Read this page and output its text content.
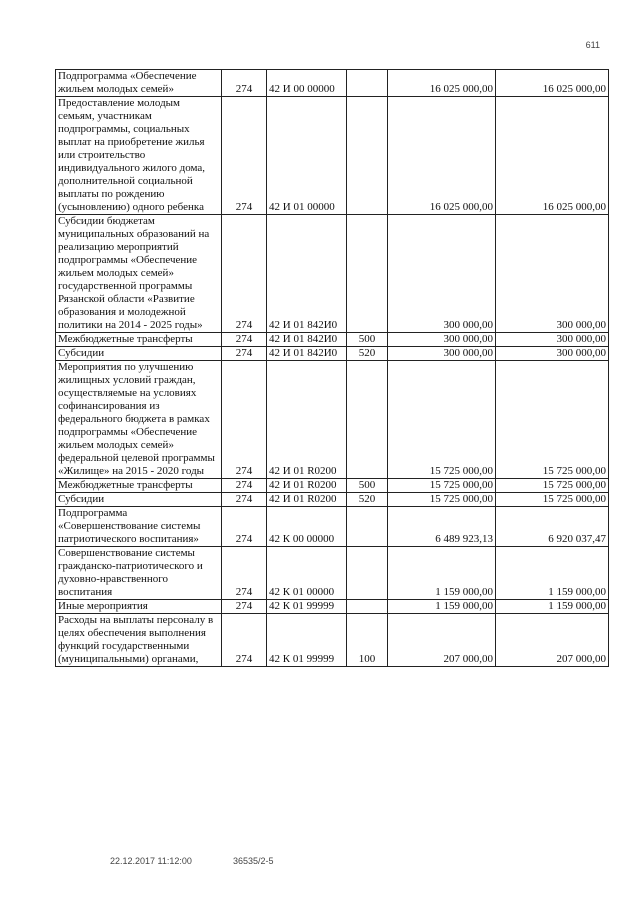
611
Подпрограмма «Обеспечение жильем молодых семей»	274	42 И 00 00000		16 025 000,00	16 025 000,00
Предоставление молодым семьям, участникам подпрограммы, социальных выплат на приобретение жилья или строительство индивидуального жилого дома, дополнительной социальной выплаты по рождению (усыновлению) одного ребенка	274	42 И 01 00000		16 025 000,00	16 025 000,00
Субсидии бюджетам муниципальных образований на реализацию мероприятий подпрограммы «Обеспечение жильем молодых семей» государственной программы Рязанской области «Развитие образования и молодежной политики на 2014 - 2025 годы»	274	42 И 01 842И0		300 000,00	300 000,00
Межбюджетные трансферты	274	42 И 01 842И0	500	300 000,00	300 000,00
Субсидии	274	42 И 01 842И0	520	300 000,00	300 000,00
Мероприятия по улучшению жилищных условий граждан, осуществляемые на условиях софинансирования из федерального бюджета в рамках подпрограммы «Обеспечение жильем молодых семей» федеральной целевой программы «Жилище» на 2015 - 2020 годы	274	42 И 01 R0200		15 725 000,00	15 725 000,00
Межбюджетные трансферты	274	42 И 01 R0200	500	15 725 000,00	15 725 000,00
Субсидии	274	42 И 01 R0200	520	15 725 000,00	15 725 000,00
Подпрограмма «Совершенствование системы патриотического воспитания»	274	42 К 00 00000		6 489 923,13	6 920 037,47
Совершенствование системы гражданско-патриотического и духовно-нравственного воспитания	274	42 К 01 00000		1 159 000,00	1 159 000,00
Иные мероприятия	274	42 К 01 99999		1 159 000,00	1 159 000,00
Расходы на выплаты персоналу в целях обеспечения выполнения функций государственными (муниципальными) органами,	274	42 К 01 99999	100	207 000,00	207 000,00
22.12.2017 11:12:00	36535/2-5
